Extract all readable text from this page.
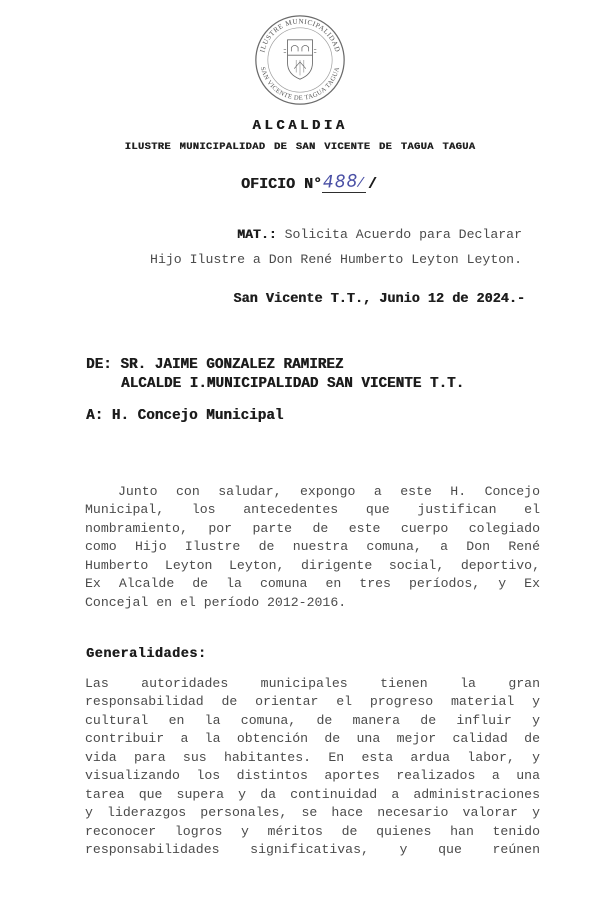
ILUSTRE MUNICIPALIDAD
SAN VICENTE DE TAGUA TAGUA
ALCALDIA
ILUSTRE MUNICIPALIDAD DE SAN VICENTE DE TAGUA TAGUA
OFICIO N°488/ /
MAT.: Solicita Acuerdo para Declarar
Hijo Ilustre a Don René Humberto Leyton Leyton.
San Vicente T.T., Junio 12 de 2024.-
DE: SR. JAIME GONZALEZ RAMIREZ
ALCALDE I.MUNICIPALIDAD SAN VICENTE T.T.
A: H. Concejo Municipal
Junto con saludar, expongo a este H. Concejo
Municipal, los antecedentes que justifican el
nombramiento, por parte de este cuerpo colegiado
como Hijo Ilustre de nuestra comuna, a Don René
Humberto Leyton Leyton, dirigente social, deportivo,
Ex Alcalde de la comuna en tres períodos, y Ex
Concejal en el período 2012-2016.
Generalidades:
Las autoridades municipales tienen la gran
responsabilidad de orientar el progreso material y
cultural en la comuna, de manera de influir y
contribuir a la obtención de una mejor calidad de
vida para sus habitantes. En esta ardua labor, y
visualizando los distintos aportes realizados a una
tarea que supera y da continuidad a administraciones
y liderazgos personales, se hace necesario valorar y
reconocer logros y méritos de quienes han tenido
responsabilidades significativas, y que reúnen
